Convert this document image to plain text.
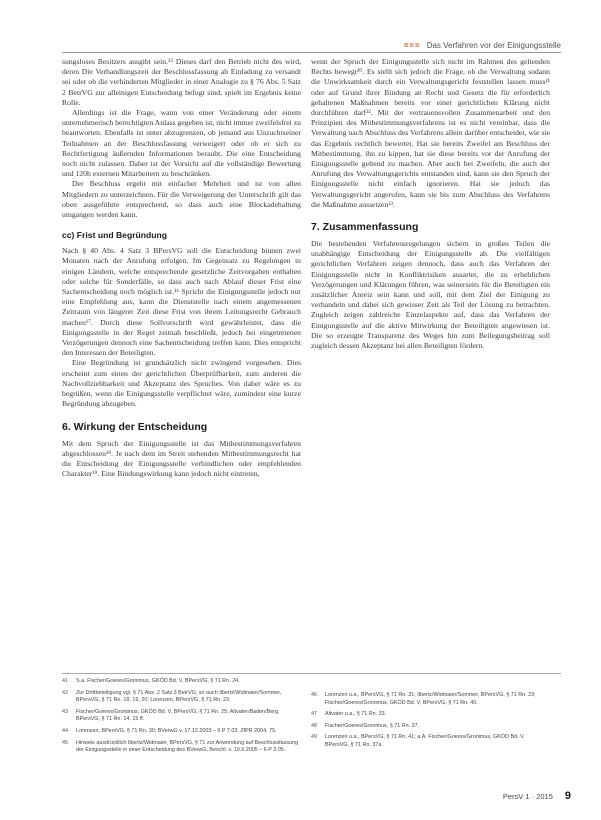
=== Das Verfahren vor der Einigungsstelle

sungsloses Besitzers ausgibt sein.¹⁵ Dieses darf den Betrieb nicht des wird, deren Die Verhandlungszeit der Beschlussfassung ab Einladung zu versandt sei oder ob die verhinderten Mitglieder in einer Analogie zu § 76 Abs. 5 Satz 2 BetrVG zur alleinigen Entscheidung befugt sind, spielt im Ergebnis keine Rolle.

Allerdings ist die Frage, wann von einer Veränderung oder einem unternehmerisch berechtigten Anlass gegeben ist, nicht immer zweifelsfrei zu beantworten. Ebenfalls ist unter abzugrenzen, ob jemand aus Unzuchtseiner Teilnahmen an der Beschlussfassung verweigert oder ob er sich zu Rechtfertigung äußernden Informationen beraubt. Die eine Entscheidung noch nicht zulassen. Daher ist der Vorsicht auf die vollständige Bewertung und 120h externen Mitarbeitern zu beschränken.

Der Beschluss ergeht mit einfacher Mehrheit und ist von allen Mitgliedern zu unterzeichnen. Für die Verweigerung der Unterschrift gilt das oben ausgeführte entsprechend, so dass auch eine Blockadehaltung umgangen werden kann.

cc) Frist und Begründung

Nach § 40 Abs. 4 Satz 3 BPersVG soll die Entscheidung binnen zwei Monaten nach der Anrufung erfolgen. Im Gegensatz zu Regelungen in einigen Ländern, welche entsprechende gesetzliche Zeitvorgaben enthalten oder solche für Sonderfälle, so dass auch nach Ablauf dieser Frist eine Sachentscheidung noch möglich ist.¹⁶ Spricht die Einigungsstelle jedoch nur eine Empfehlung aus, kann die Dienststelle nach einem angemessenen Zeitraum von längerer Zeit diese Frist von ihrem Leitungsrecht Gebrauch machen¹⁷. Durch diese Sollvorschrift wird gewährleistet, dass die Einigungsstelle in der Regel zeitnah beschließt, jedoch bei eingetretenen Verzögerungen dennoch eine Sachentscheidung treffen kann. Dies entspricht den Interessen der Beteiligten.

Eine Begründung ist grundsätzlich nicht zwingend vorgesehen. Dies erscheint zum einen der gerichtlichen Überprüfbarkeit, zum anderen die Nachvollziehbarkeit und Akzeptanz des Spruches. Von daher wäre es zu begrüßen, wenn die Einigungsstelle verpflichtet wäre, zumindest eine kurze Begründung abzugeben.

6. Wirkung der Entscheidung

Mit dem Spruch der Einigungsstelle ist das Mitbestimmungsverfahren abgeschlossen¹⁸. Je nach dem im Streit stehenden Mitbestimmungsrecht hat die Entscheidung der Einigungsstelle verbindlichen oder empfehlenden Charakter¹⁹. Eine Bindungswirkung kann jedoch nicht eintreten,

wenn der Spruch der Einigungsstelle sich nicht im Rahmen des geltenden Rechts bewegt²⁰. Es stellt sich jedoch die Frage, ob die Verwaltung sodann die Unwirksamkeit durch ein Verwaltungsgericht feststellen lassen muss²¹ oder auf Grund ihrer Bindung an Recht und Gesetz die für erforderlich gehaltenen Maßnahmen bereits vor einer gerichtlichen Klärung nicht durchführen darf²². Mit der vertrauensvollen Zusammenarbeit und den Prinzipien des Mitbestimmungsverfahrens ist es nicht vereinbar, dass die Verwaltung nach Abschluss des Verfahrens allein darüber entscheidet, wie sie das Ergebnis rechtlich bewertet. Hat sie bereits Zweifel am Beschluss der Mitbestimmung, ihn zu kippen, hat sie diese bereits vor der Anrufung der Einigungsstelle geltend zu machen. Aber auch bei Zweifeln, die auch der Anrufung des Verwaltungsgerichts entstanden sind, kann sie den Spruch der Einigungsstelle nicht einfach ignorieren. Hat sie jedoch das Verwaltungsgericht angerufen, kann sie bis zum Abschluss des Verfahrens die Maßnahme aussetzen²³.

7. Zusammenfassung

Die bestehenden Verfahrensregelungen sichern in großen Teilen die unabhängige Entscheidung der Einigungsstelle ab. Die vielfältigen gerichtlichen Verfahren zeigen dennoch, dass auch das Verfahren der Einigungsstelle nicht in Konfliktrisiken ausartet, die zu erheblichen Verzögerungen und Klärungen führen, was seinerseits für die Beteiligten ein zusätzlicher Anreiz sein kann und soll, mit dem Ziel der Einigung zu verhandeln und dabei sich gewisser Zeit als Teil der Lösung zu betrachten. Zugleich zeigen zahlreiche Einzelaspekte auf, dass das Verfahren der Einigungsstelle auf die aktive Mitwirkung der Beteiligten angewiesen ist. Die so erzeugte Transparenz des Weges hin zum Beilegungsbeitrag soll zugleich dessen Akzeptanz bei allen Beteiligten fördern.

41	S.a. Fischer/Goeres/Gronimus, GKÖD Bd. V, BPersVG, § 71 Rn. 24.
42	Zur Drittbeteiligung vgl. § 71 Abs. 2 Satz 3 BetrVG; so auch Ilbertz/Widmaier/Sommer, BPersVG, § 71 Rn. 18, 19, 20; Lorenzen, BPersVG, § 71 Rn. 23.
43	Fischer/Goeres/Gronimus, GKÖD Bd. V, BPersVG, § 71 Rn. 25; Altvater/Baden/Berg, BPersVG, § 71 Rn. 14, 15 ff.
44	Lorenzen, BPersVG, § 71 Rn. 30; BVerwG v. 17.12.2003 – 6 P 7.03, ZfPR 2004, 75.
45	Hinweis ausdrücklich Ilbertz/Widmaier, BPersVG, § 71 zur Anwendung auf Beschlussfassung der Einigungsstelle in einer Entscheidung des BVerwG, Beschl. v. 19.9.2005 – 6 P 3.05.
46	Lorenzen u.a., BPersVG, § 71 Rn. 31; Ilbertz/Widmaier/Sommer, BPersVG, § 71 Rn. 23; Fischer/Goeres/Gronimus, GKÖD Bd. V, BPersVG, § 71 Rn. 40.
47	Altvater u.a., § 71 Rn. 33.
48	Fischer/Goeres/Gronimus, § 71 Rn. 37.
49	Lorenzen u.a., BPersVG, § 71 Rn. 41; a.A. Fischer/Goeres/Gronimus, GKÖD Bd. V, BPersVG, § 71 Rn. 37a.
PersV 1 · 2015 9
